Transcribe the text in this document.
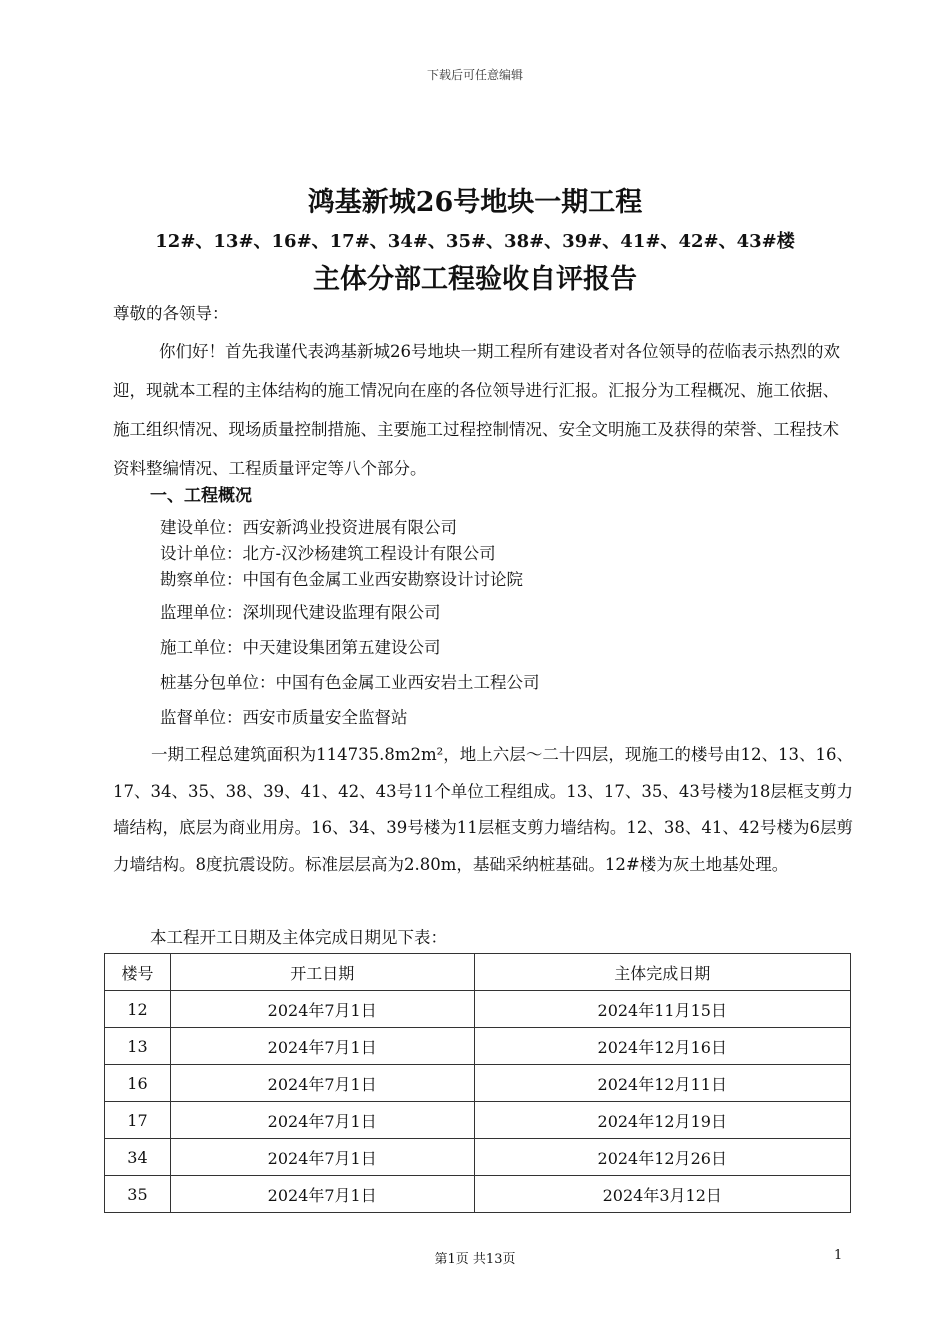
下载后可任意编辑
鸿基新城26号地块一期工程
12#、13#、16#、17#、34#、35#、38#、39#、41#、42#、43#楼
主体分部工程验收自评报告
尊敬的各领导：
你们好！首先我谨代表鸿基新城26号地块一期工程所有建设者对各位领导的莅临表示热烈的欢迎，现就本工程的主体结构的施工情况向在座的各位领导进行汇报。汇报分为工程概况、施工依据、施工组织情况、现场质量控制措施、主要施工过程控制情况、安全文明施工及获得的荣誉、工程技术资料整编情况、工程质量评定等八个部分。
一、工程概况
建设单位：西安新鸿业投资进展有限公司
设计单位：北方-汉沙杨建筑工程设计有限公司
勘察单位：中国有色金属工业西安勘察设计讨论院
监理单位：深圳现代建设监理有限公司
施工单位：中天建设集团第五建设公司
桩基分包单位：中国有色金属工业西安岩土工程公司
监督单位：西安市质量安全监督站
一期工程总建筑面积为114735.8m2m²，地上六层～二十四层，现施工的楼号由12、13、16、17、34、35、38、39、41、42、43号11个单位工程组成。13、17、35、43号楼为18层框支剪力墙结构，底层为商业用房。16、34、39号楼为11层框支剪力墙结构。12、38、41、42号楼为6层剪力墙结构。8度抗震设防。标准层层高为2.80m，基础采纳桩基础。12#楼为灰土地基处理。
本工程开工日期及主体完成日期见下表：
楼号	开工日期	主体完成日期
12	2024年7月1日	2024年11月15日
13	2024年7月1日	2024年12月16日
16	2024年7月1日	2024年12月11日
17	2024年7月1日	2024年12月19日
34	2024年7月1日	2024年12月26日
35	2024年7月1日	2024年3月12日
第1页 共13页	1
